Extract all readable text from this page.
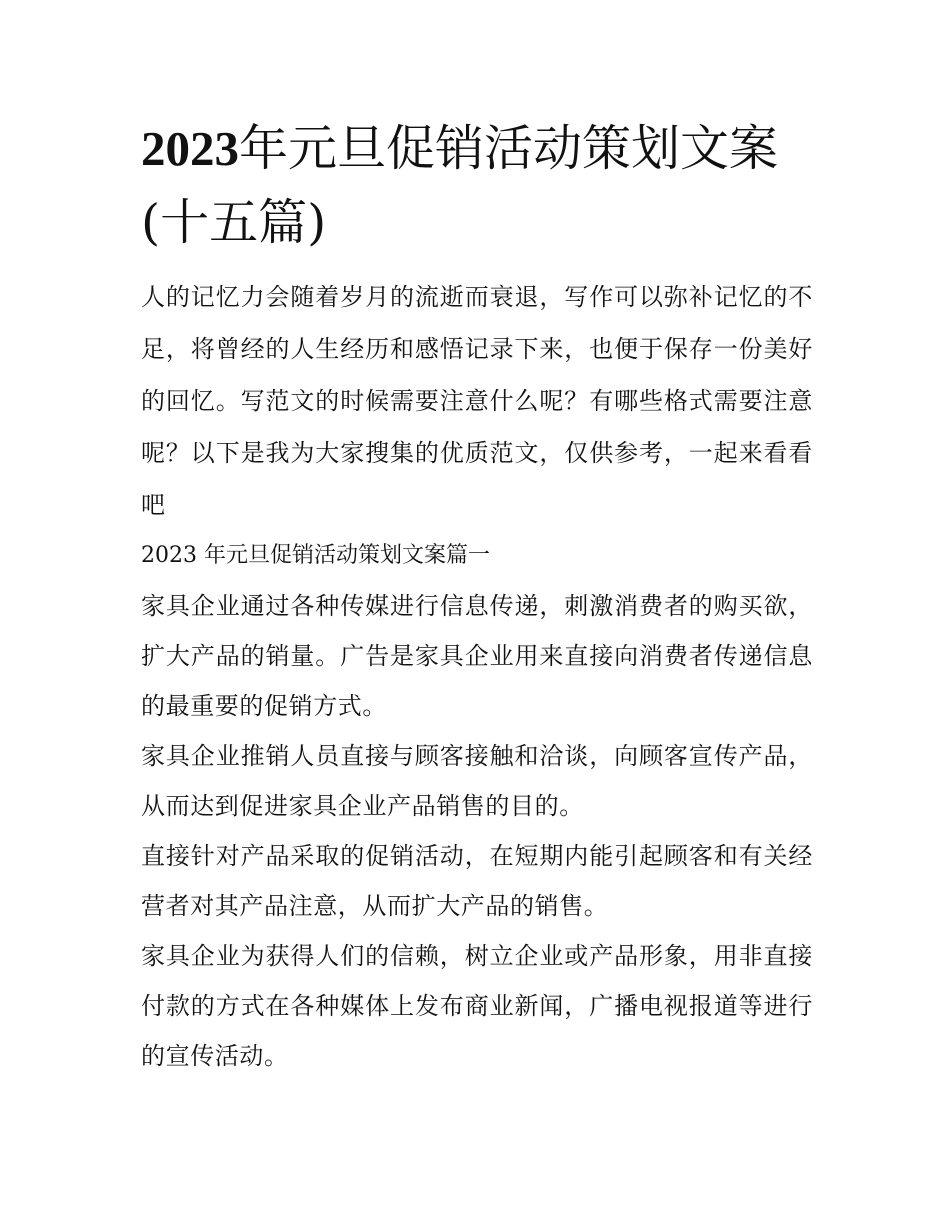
2023年元旦促销活动策划文案(十五篇)

人的记忆力会随着岁月的流逝而衰退，写作可以弥补记忆的不足，将曾经的人生经历和感悟记录下来，也便于保存一份美好的回忆。写范文的时候需要注意什么呢？有哪些格式需要注意呢？以下是我为大家搜集的优质范文，仅供参考，一起来看看吧

2023 年元旦促销活动策划文案篇一

家具企业通过各种传媒进行信息传递，刺激消费者的购买欲，扩大产品的销量。广告是家具企业用来直接向消费者传递信息的最重要的促销方式。

家具企业推销人员直接与顾客接触和洽谈，向顾客宣传产品，从而达到促进家具企业产品销售的目的。

直接针对产品采取的促销活动，在短期内能引起顾客和有关经营者对其产品注意，从而扩大产品的销售。

家具企业为获得人们的信赖，树立企业或产品形象，用非直接付款的方式在各种媒体上发布商业新闻，广播电视报道等进行的宣传活动。
